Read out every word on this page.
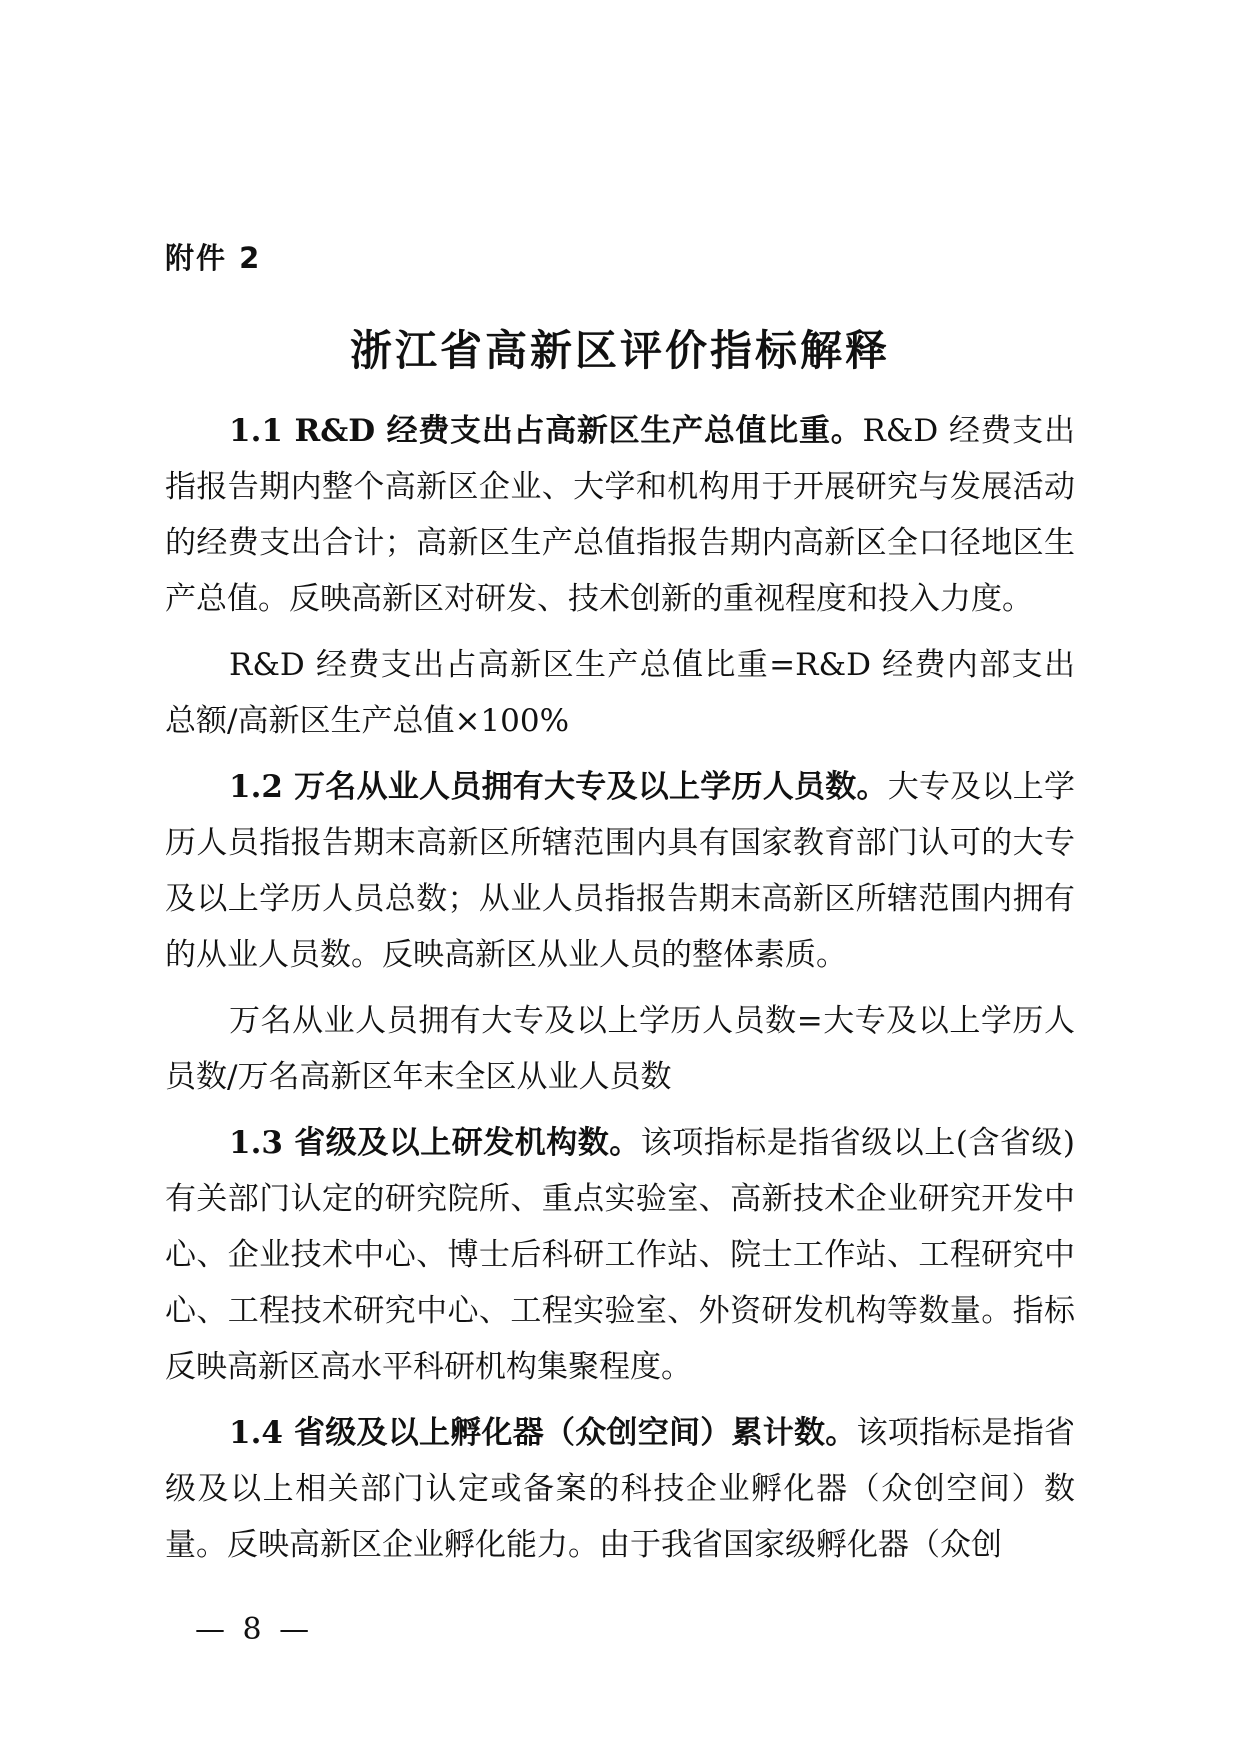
附件 2

浙江省高新区评价指标解释

1.1 R&D 经费支出占高新区生产总值比重。R&D 经费支出指报告期内整个高新区企业、大学和机构用于开展研究与发展活动的经费支出合计；高新区生产总值指报告期内高新区全口径地区生产总值。反映高新区对研发、技术创新的重视程度和投入力度。

R&D 经费支出占高新区生产总值比重=R&D 经费内部支出总额/高新区生产总值×100%

1.2 万名从业人员拥有大专及以上学历人员数。大专及以上学历人员指报告期末高新区所辖范围内具有国家教育部门认可的大专及以上学历人员总数；从业人员指报告期末高新区所辖范围内拥有的从业人员数。反映高新区从业人员的整体素质。

万名从业人员拥有大专及以上学历人员数=大专及以上学历人员数/万名高新区年末全区从业人员数

1.3 省级及以上研发机构数。该项指标是指省级以上(含省级)有关部门认定的研究院所、重点实验室、高新技术企业研究开发中心、企业技术中心、博士后科研工作站、院士工作站、工程研究中心、工程技术研究中心、工程实验室、外资研发机构等数量。指标反映高新区高水平科研机构集聚程度。

1.4 省级及以上孵化器（众创空间）累计数。该项指标是指省级及以上相关部门认定或备案的科技企业孵化器（众创空间）数量。反映高新区企业孵化能力。由于我省国家级孵化器（众创

— 8 —
